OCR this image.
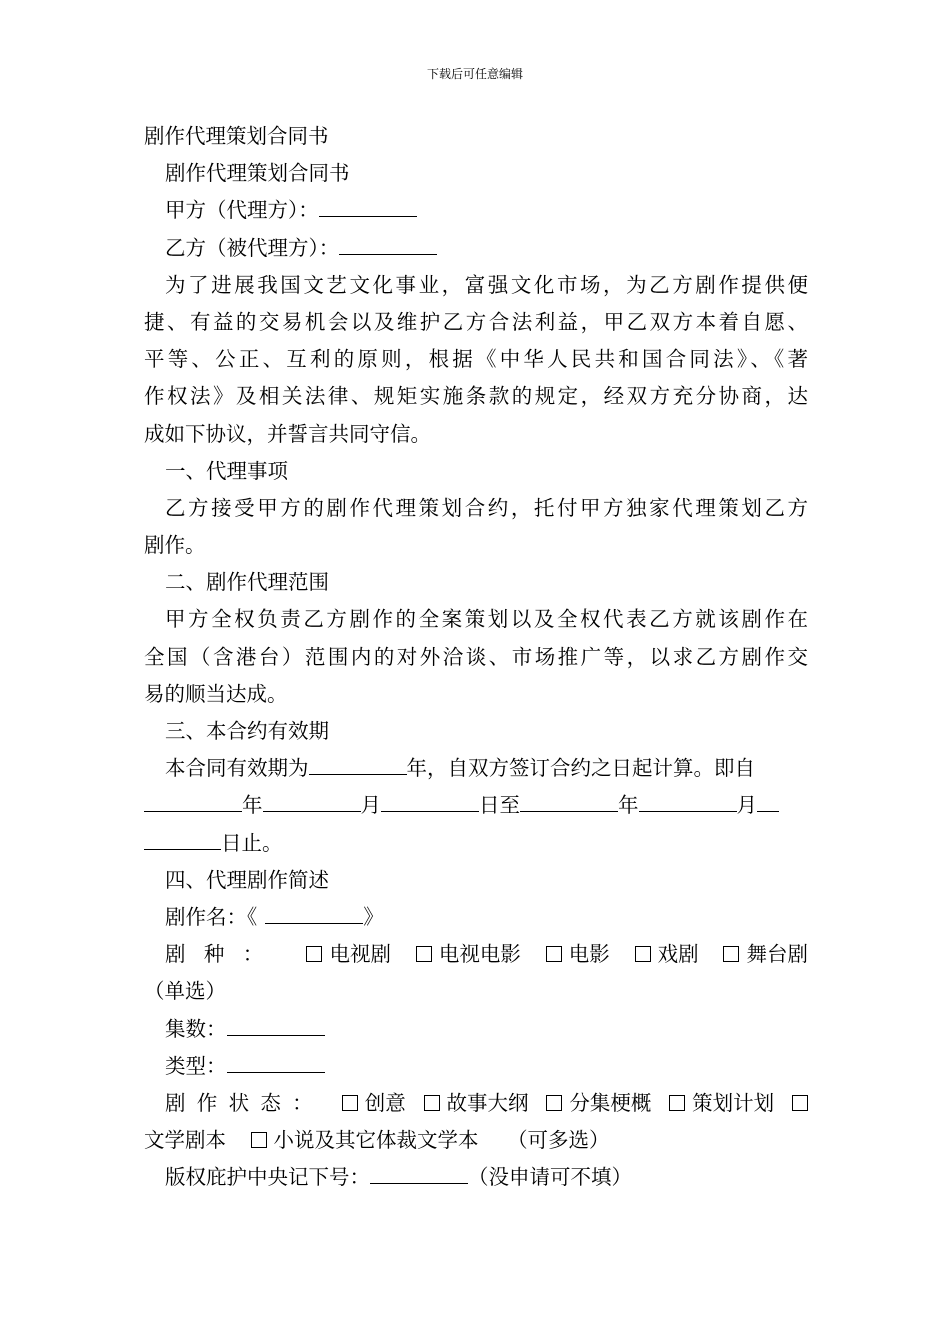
下载后可任意编辑
剧作代理策划合同书
剧作代理策划合同书
甲方（代理方）：
乙方（被代理方）：
为了进展我国文艺文化事业，富强文化市场，为乙方剧作提供便
捷、有益的交易机会以及维护乙方合法利益，甲乙双方本着自愿、
平等、公正、互利的原则，根据《中华人民共和国合同法》、《著
作权法》及相关法律、规矩实施条款的规定，经双方充分协商，达
成如下协议，并誓言共同守信。
一、代理事项
乙方接受甲方的剧作代理策划合约，托付甲方独家代理策划乙方
剧作。
二、剧作代理范围
甲方全权负责乙方剧作的全案策划以及全权代表乙方就该剧作在
全国（含港台）范围内的对外洽谈、市场推广等，以求乙方剧作交
易的顺当达成。
三、本合约有效期
本合同有效期为	年，自双方签订合约之日起计算。即自
年	月	日至	年	月
日止。
四、代理剧作简述
剧作名：《	》
剧种： 电视剧 电视电影 电影 戏剧 舞台剧
（单选）
集数：
类型：
剧作状态： 创意 故事大纲 分集梗概 策划计划
文学剧本 小说及其它体裁文学本 （可多选）
版权庇护中央记下号：	（没申请可不填）
